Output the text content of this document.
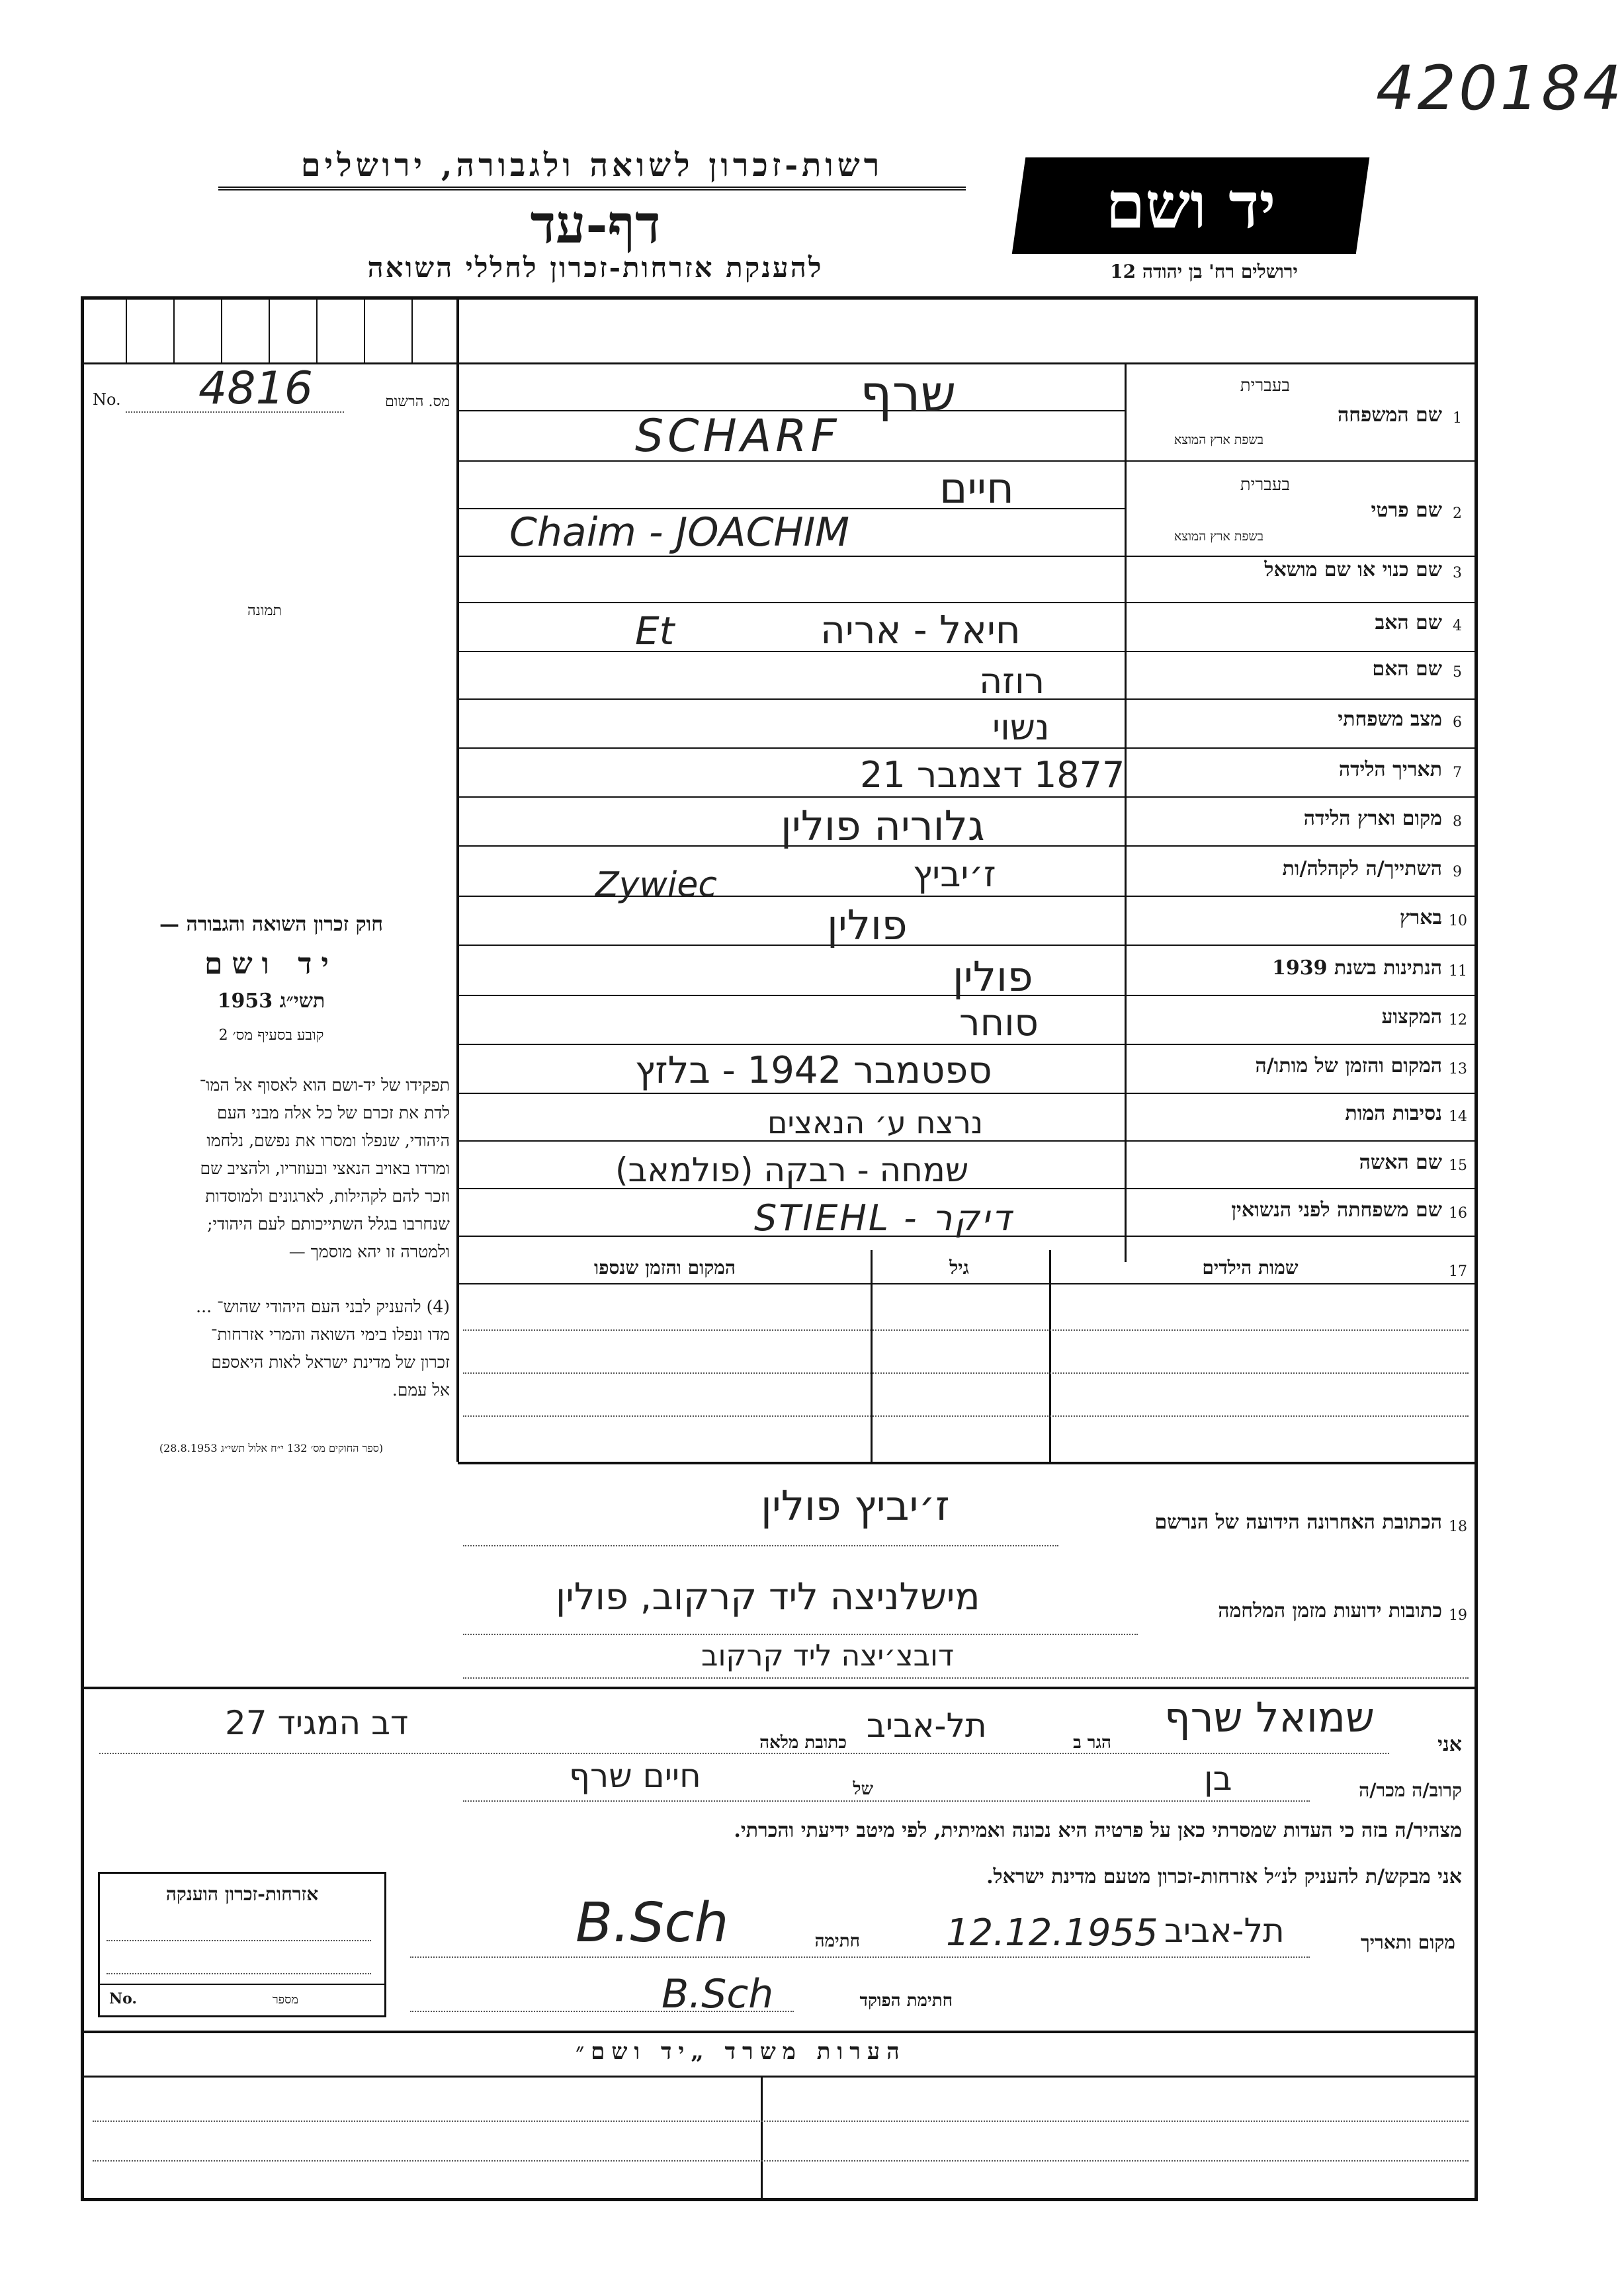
420184
רשות-זכרון לשואה ולגבורה, ירושלים
דף-עד
להענקת אזרחות-זכרון לחללי השואה
יד ושם
ירושלים רח' בן יהודה 12
No. 4816	מס. הרשום
תמונה
חוק זכרון השואה והגבורה —
יד ושם
תשי״ג 1953
קובע בסעיף מס׳ 2
תפקידו של יד-ושם הוא לאסוף אל המו־
לדת את זכרם של כל אלה מבני העם
היהודי, שנפלו ומסרו את נפשם, נלחמו
ומרדו באויב הנאצי ובעוזריו, ולהציב שם
וזכר להם לקהילות, לארגונים ולמוסדות
שנחרבו בגלל השתייכותם לעם היהודי;
ולמטרה זו יהא מוסמך —
(4) להעניק לבני העם היהודי שהוש־ ...
מדו ונפלו בימי השואה והמרי אזרחות־
זכרון של מדינת ישראל לאות היאספם
אל עמם.
(ספר החוקים מס׳ 132 י״ח אלול תשי״ג 28.8.1953)
1
שם המשפחה
בעברית
בשפת ארץ המוצא
שרף
SCHARF
2
שם פרטי
בעברית
בשפת ארץ המוצא
חיים
Chaim - JOACHIM
3
שם כנוי או שם מושאל
4
שם האב
חיאל - אריה
Et
5
שם האם
רוזה
6
מצב משפחתי
נשוי
7
תאריך הלידה
1877 דצמבר 21
8
מקום וארץ הלידה
גלוריה פולין
9
השתייך/ה לקהלה/ות
ז׳יביץ
Zywiec
10
בארץ
פולין
11
הנתינות בשנת 1939
פולין
12
המקצוע
סוחר
13
המקום והזמן של מותו/ה
ספטמבר 1942 - בלזץ
14
נסיבות המות
נרצח ע׳ הנאצים
15
שם האשה
שמחה - רבקה (פולמאב)
16
שם משפחתה לפני הנשואין
STIEHL - דיקר
17
שמות הילדים
גיל
המקום והזמן שנספו
18
הכתובת האחרונה הידועה של הנרשם
ז׳יביץ פולין
19
כתובות ידועות מזמן המלחמה
מישלניצה ליד קרקוב, פולין
דובצ׳יצה ליד קרקוב
אני
שמואל שרף
הגר ב
תל-אביב
כתובת מלאה
דב המגיד 27
קרוב/ה מכר/ה
בן
של
חיים שרף
מצהיר/ה בזה כי העדות שמסרתי כאן על פרטיה היא נכונה ואמיתית, לפי מיטב ידיעתי והכרתי.
אני מבקש/ת להעניק לנ״ל אזרחות-זכרון מטעם מדינת ישראל.
אזרחות-זכרון הוענקה
No.	מספר
מקום ותאריך
תל-אביב
12.12.1955
חתימה
B.Sch
חתימת הפוקד
B.Sch
הערות משרד „יד ושם״
